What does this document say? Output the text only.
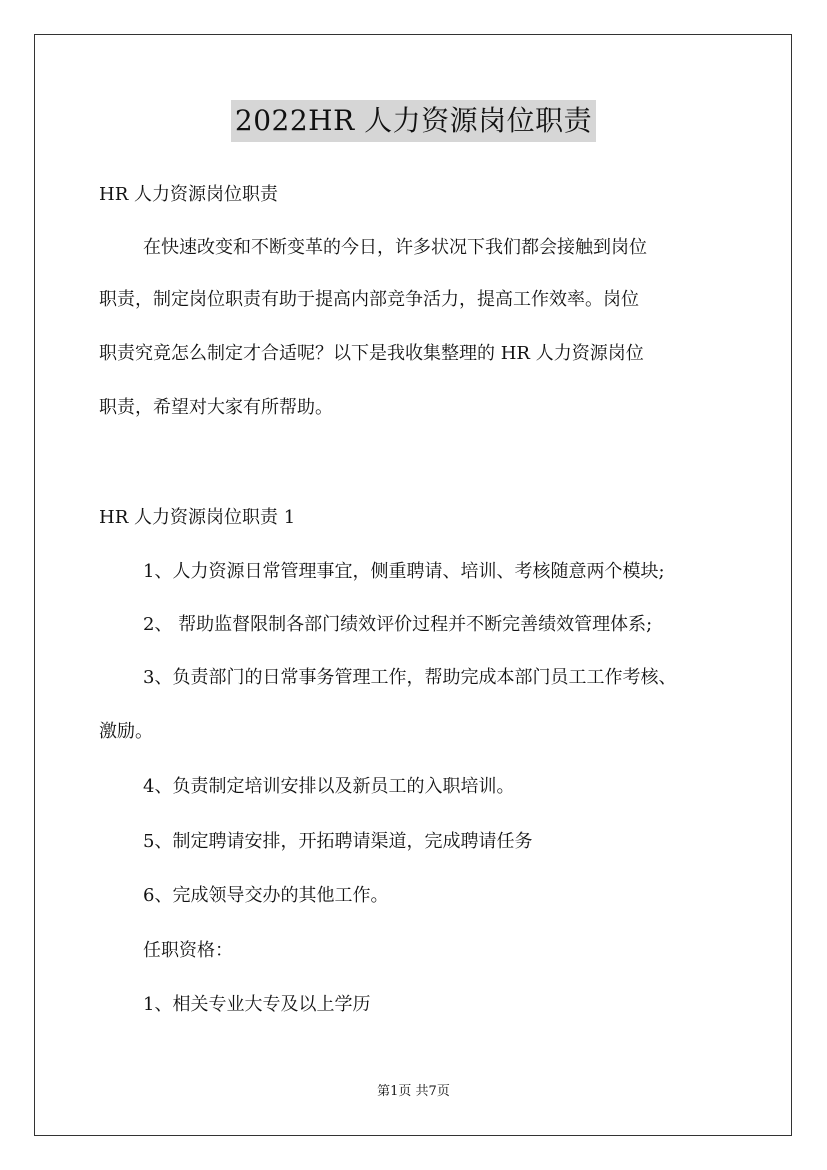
2022HR 人力资源岗位职责
HR 人力资源岗位职责
在快速改变和不断变革的今日，许多状况下我们都会接触到岗位
职责，制定岗位职责有助于提高内部竞争活力，提高工作效率。岗位
职责究竟怎么制定才合适呢？以下是我收集整理的 HR 人力资源岗位
职责，希望对大家有所帮助。
HR 人力资源岗位职责 1
1、人力资源日常管理事宜，侧重聘请、培训、考核随意两个模块;
2、 帮助监督限制各部门绩效评价过程并不断完善绩效管理体系;
3、负责部门的日常事务管理工作，帮助完成本部门员工工作考核、
激励。
4、负责制定培训安排以及新员工的入职培训。
5、制定聘请安排，开拓聘请渠道，完成聘请任务
6、完成领导交办的其他工作。
任职资格：
1、相关专业大专及以上学历
第1页 共7页
